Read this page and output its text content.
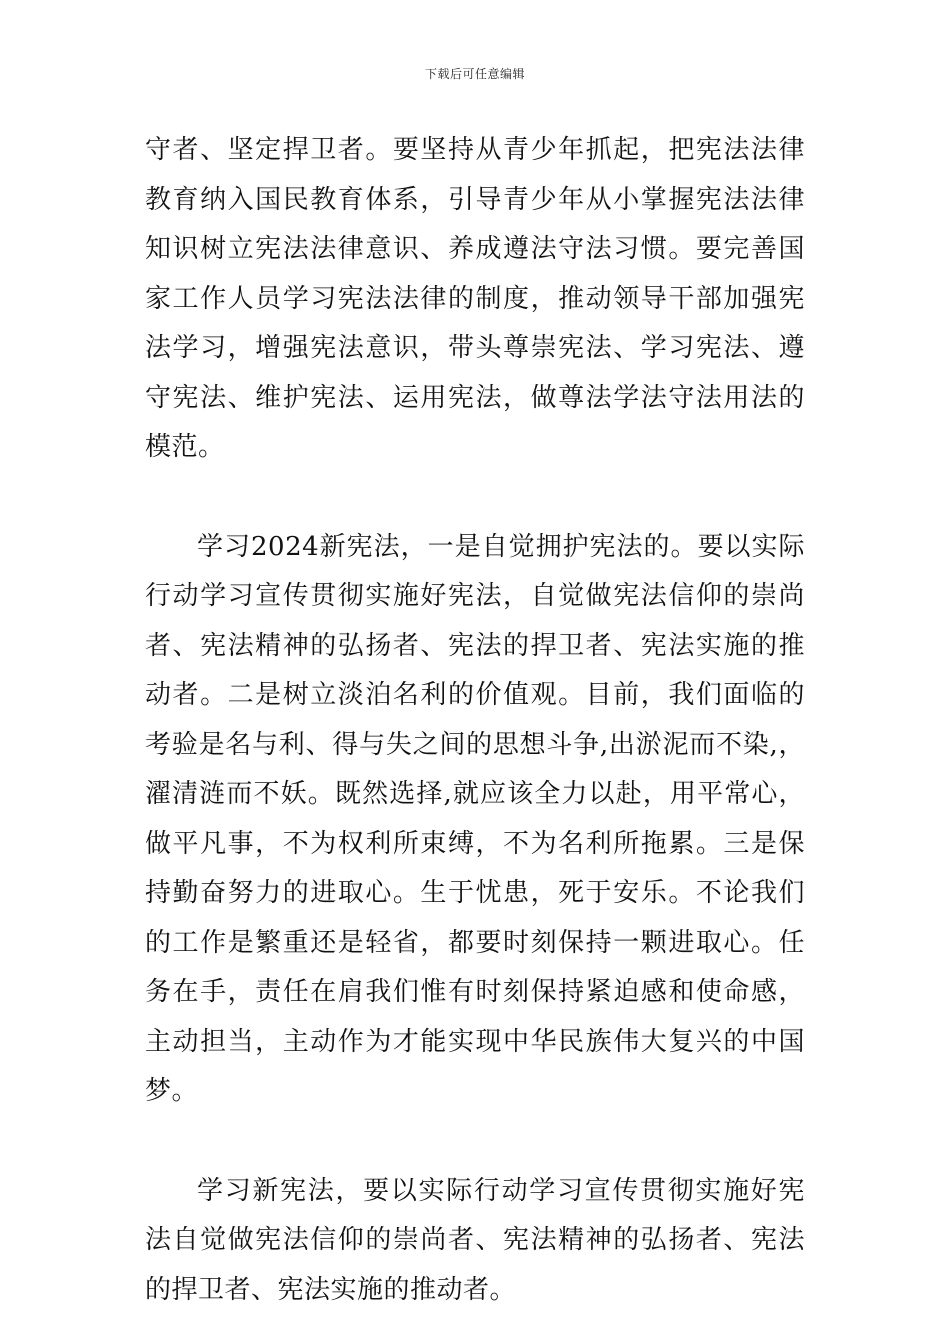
下载后可任意编辑

守者、坚定捍卫者。要坚持从青少年抓起，把宪法法律教育纳入国民教育体系，引导青少年从小掌握宪法法律知识树立宪法法律意识、养成遵法守法习惯。要完善国家工作人员学习宪法法律的制度，推动领导干部加强宪法学习，增强宪法意识，带头尊崇宪法、学习宪法、遵守宪法、维护宪法、运用宪法，做尊法学法守法用法的模范。

学习2024新宪法，一是自觉拥护宪法的。要以实际行动学习宣传贯彻实施好宪法，自觉做宪法信仰的崇尚者、宪法精神的弘扬者、宪法的捍卫者、宪法实施的推动者。二是树立淡泊名利的价值观。目前，我们面临的考验是名与利、得与失之间的思想斗争,出淤泥而不染,，濯清涟而不妖。既然选择,就应该全力以赴，用平常心，做平凡事，不为权利所束缚，不为名利所拖累。三是保持勤奋努力的进取心。生于忧患，死于安乐。不论我们的工作是繁重还是轻省，都要时刻保持一颗进取心。任务在手，责任在肩我们惟有时刻保持紧迫感和使命感，主动担当，主动作为才能实现中华民族伟大复兴的中国梦。

学习新宪法，要以实际行动学习宣传贯彻实施好宪法自觉做宪法信仰的崇尚者、宪法精神的弘扬者、宪法的捍卫者、宪法实施的推动者。
